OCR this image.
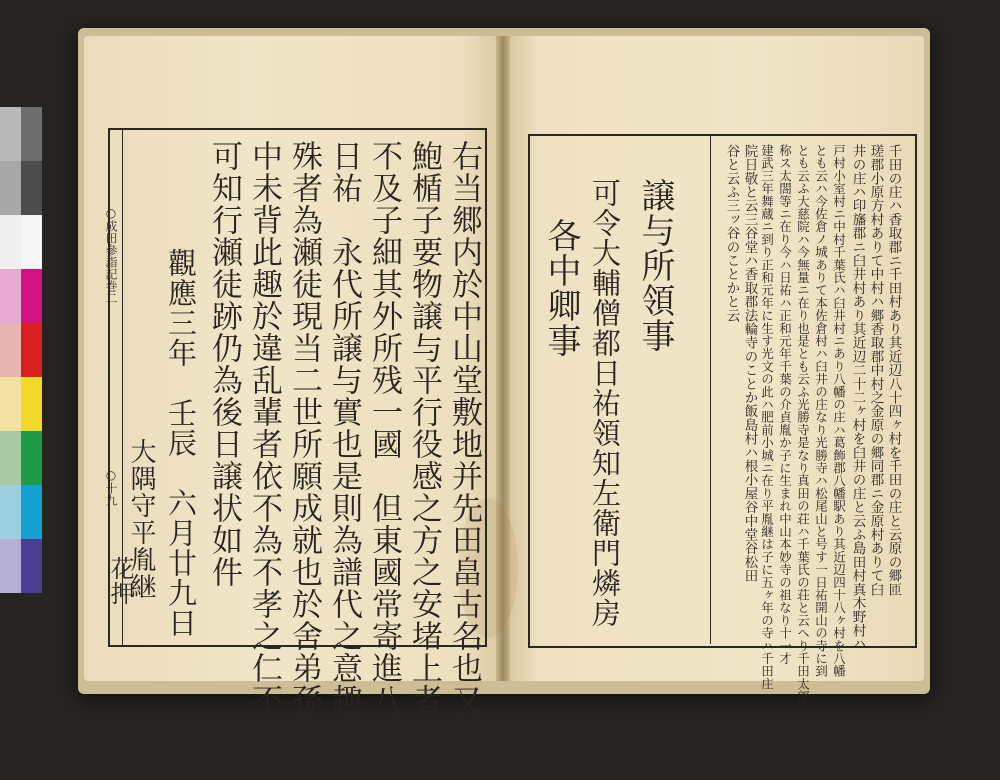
○成田參詣記巻二
○十九	右当郷内於中山堂敷地并先田畠古名也又殿貝
鮑楯子要物譲与平行役感之方之安堵上者
不及子細其外所残一國　但東國常寄進八幡
日祐　永代所譲与實也是則為譜代之意趣
殊者為瀬徒現当二世所願成就也於舍弟孫後
中未背此趣於違乱輩者依不為不孝之仁不
可知行瀬徒跡仍為後日譲状如件
觀應三年　壬辰　六月廿九日
大隅守平胤継
花押
譲与所領事
可令大輔僧都日祐領知左衛門燐房
各中卿事	千田の庄ハ香取郡ニ千田村あり其近辺八十四ヶ村を千田の庄と云原の郷匝
瑳郡小原方村ありて中村ハ郷香取郡中村之金原の郷同郡ニ金原村ありて臼
井の庄ハ印旛郡ニ臼井村あり其近辺二十二ヶ村を臼井の庄と云ふ島田村真木野村ハ
戸村小室村ニ中村千葉氏ハ臼井村ニあり八幡の庄ハ葛飾郡八幡駅あり其近辺四十八ヶ村を八幡
とも云ハ今佐倉ノ城ありて本佐倉村ハ臼井の庄なり光勝寺ハ松尾山と号す一日祐開山の寺に到
とも云ふ大慈院ハ今無量ニ在り也是とも云ふ光勝寺是なり真田の荘ハ千葉氏の荘と云へり千田太郎と
称ス太閤等ニ在り今ハ日祐ハ正和元年千葉の介貞胤か子に生まれ中山本妙寺の祖なり十一才
建武三年舞蔵ニ到り正和元年に生す光文の此ハ肥前小城ニ在り平胤継は子に五ヶ年の寺ハ千田庄
院日敬と云三谷堂ハ香取郡法輪寺のことか飯島村ハ根小屋谷中堂谷松田
谷と云ふ三ッ谷のことかと云
